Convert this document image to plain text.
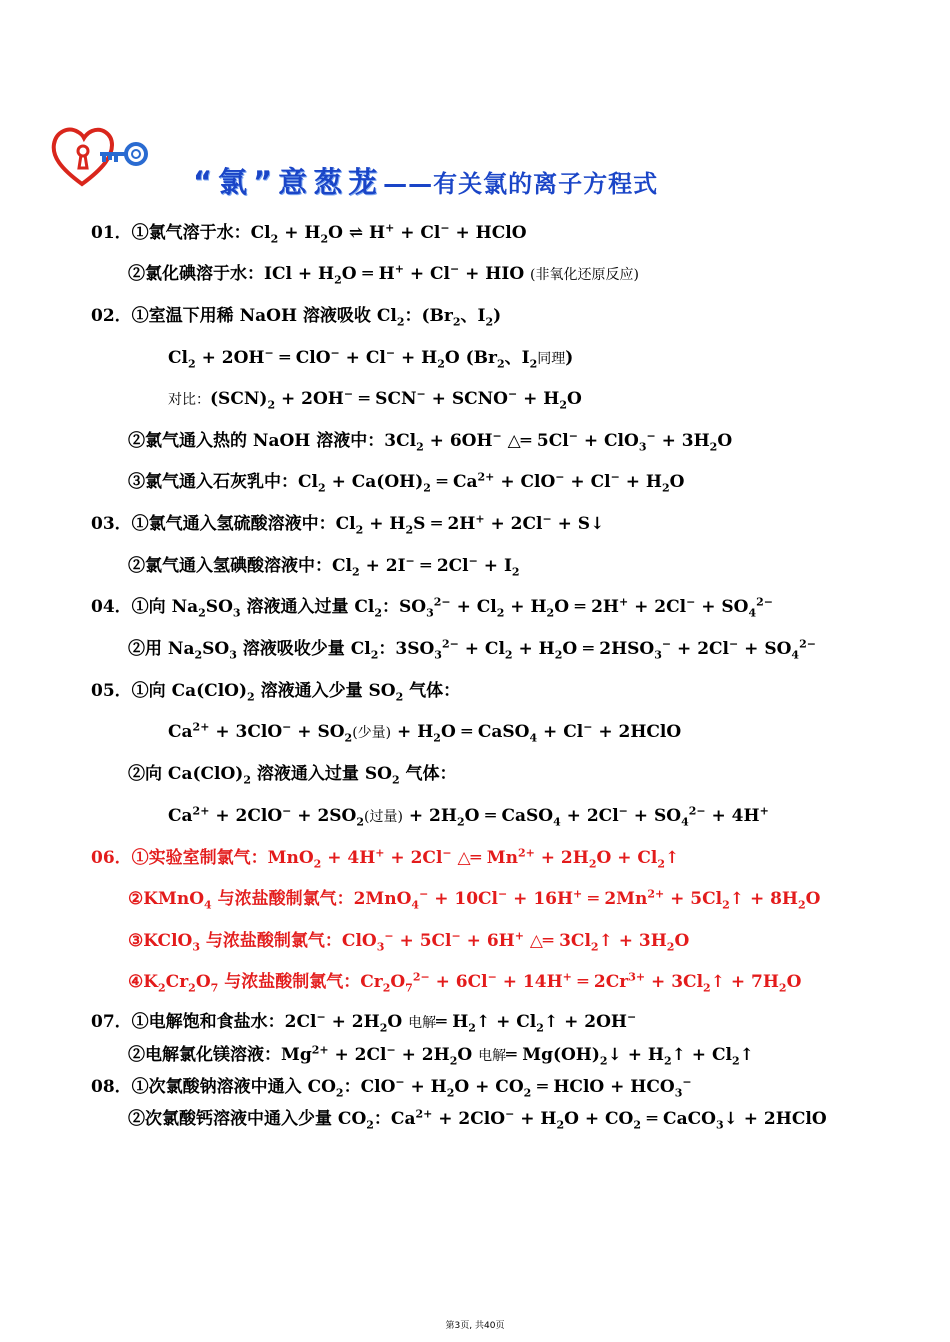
“氯”意葱茏——有关氯的离子方程式
01．①氯气溶于水：$Cl_2 + H_2O$ ⇌ H+ + Cl− + HClO
②氯化碘溶于水：ICl + $H_2O$ ═ H+ + Cl− + HIO (非氧化还原反应)
02．①室温下用稀 NaOH 溶液吸收 $Cl_2$：($Br_2$、$I_2$)
$Cl_2 + 2OH^-$ ═ $ClO^- + Cl^- + H_2O$ ($Br_2$、$I_2$同理)
对比：$(SCN)_2 + 2OH^-$ ═ SCN− + SCNO− + $H_2O$
②氯气通入热的 NaOH 溶液中：$3Cl_2 + 6OH^-$ △═ $5Cl^- + ClO_3^- + 3H_2O$
③氯气通入石灰乳中：$Cl_2 + Ca(OH)_2$ ═ $Ca^{2+} + ClO^- + Cl^- + H_2O$
03．①氯气通入氢硫酸溶液中：$Cl_2 + H_2S$ ═ 2H+ + 2Cl− + S↓
②氯气通入氢碘酸溶液中：$Cl_2 + 2I^-$ ═ $2Cl^- + I_2$
04．①向 $Na_2SO_3$ 溶液通入过量 $Cl_2$：$SO_3^{2-} + Cl_2 + H_2O$ ═ $2H^+ + 2Cl^- + SO_4^{2-}$
②用 $Na_2SO_3$ 溶液吸收少量 $Cl_2$：$3SO_3^{2-} + Cl_2 + H_2O$ ═ $2HSO_3^- + 2Cl^- + SO_4^{2-}$
05．①向 $Ca(ClO)_2$ 溶液通入少量 $SO_2$ 气体：
$Ca^{2+} + 3ClO^- + SO_2$(少量) + $H_2O$ ═ CaSO$_4$ + Cl− + 2HClO
②向 $Ca(ClO)_2$ 溶液通入过量 $SO_2$ 气体：
$Ca^{2+} + 2ClO^- + 2SO_2$(过量) + $2H_2O$ ═ CaSO$_4$ + $2Cl^- + SO_4^{2-} + 4H^+$
06．①实验室制氯气：MnO$_2$ + 4H+ + 2Cl− △═ $Mn^{2+} + 2H_2O$ + $Cl_2↑$
②KMnO$_4$ 与浓盐酸制氯气：2MnO$_4$− + 10Cl− + 16H+ ═ $2Mn^{2+}$ + $5Cl_2↑ + 8H_2O$
③KClO$_3$ 与浓盐酸制氯气：ClO$_3$− + 5Cl− + 6H+ △═ $3Cl_2↑ + 3H_2O$
$④K_2Cr_2O_7$ 与浓盐酸制氯气：$Cr_2O_7^{2-} + 6Cl^- + 14H^+$ ═ $2Cr^{3+}$ + $3Cl_2↑ + 7H_2O$
07．①电解饱和食盐水：$2Cl^- + 2H_2O$ 电解═ $H_2↑$ + $Cl_2↑ + 2OH^-$
②电解氯化镁溶液：$Mg^{2+} + 2Cl^- + 2H_2O$ 电解═ $Mg(OH)_2↓$ + $H_2↑$ + $Cl_2↑$
08．①次氯酸钠溶液中通入 $CO_2$：$ClO^- + H_2O + CO_2$ ═ HClO + $HCO_3^-$
②次氯酸钙溶液中通入少量 $CO_2$：$Ca^{2+} + 2ClO^- + H_2O + CO_2$ ═ CaCO$_3$↓ + 2HClO
第3页, 共40页
